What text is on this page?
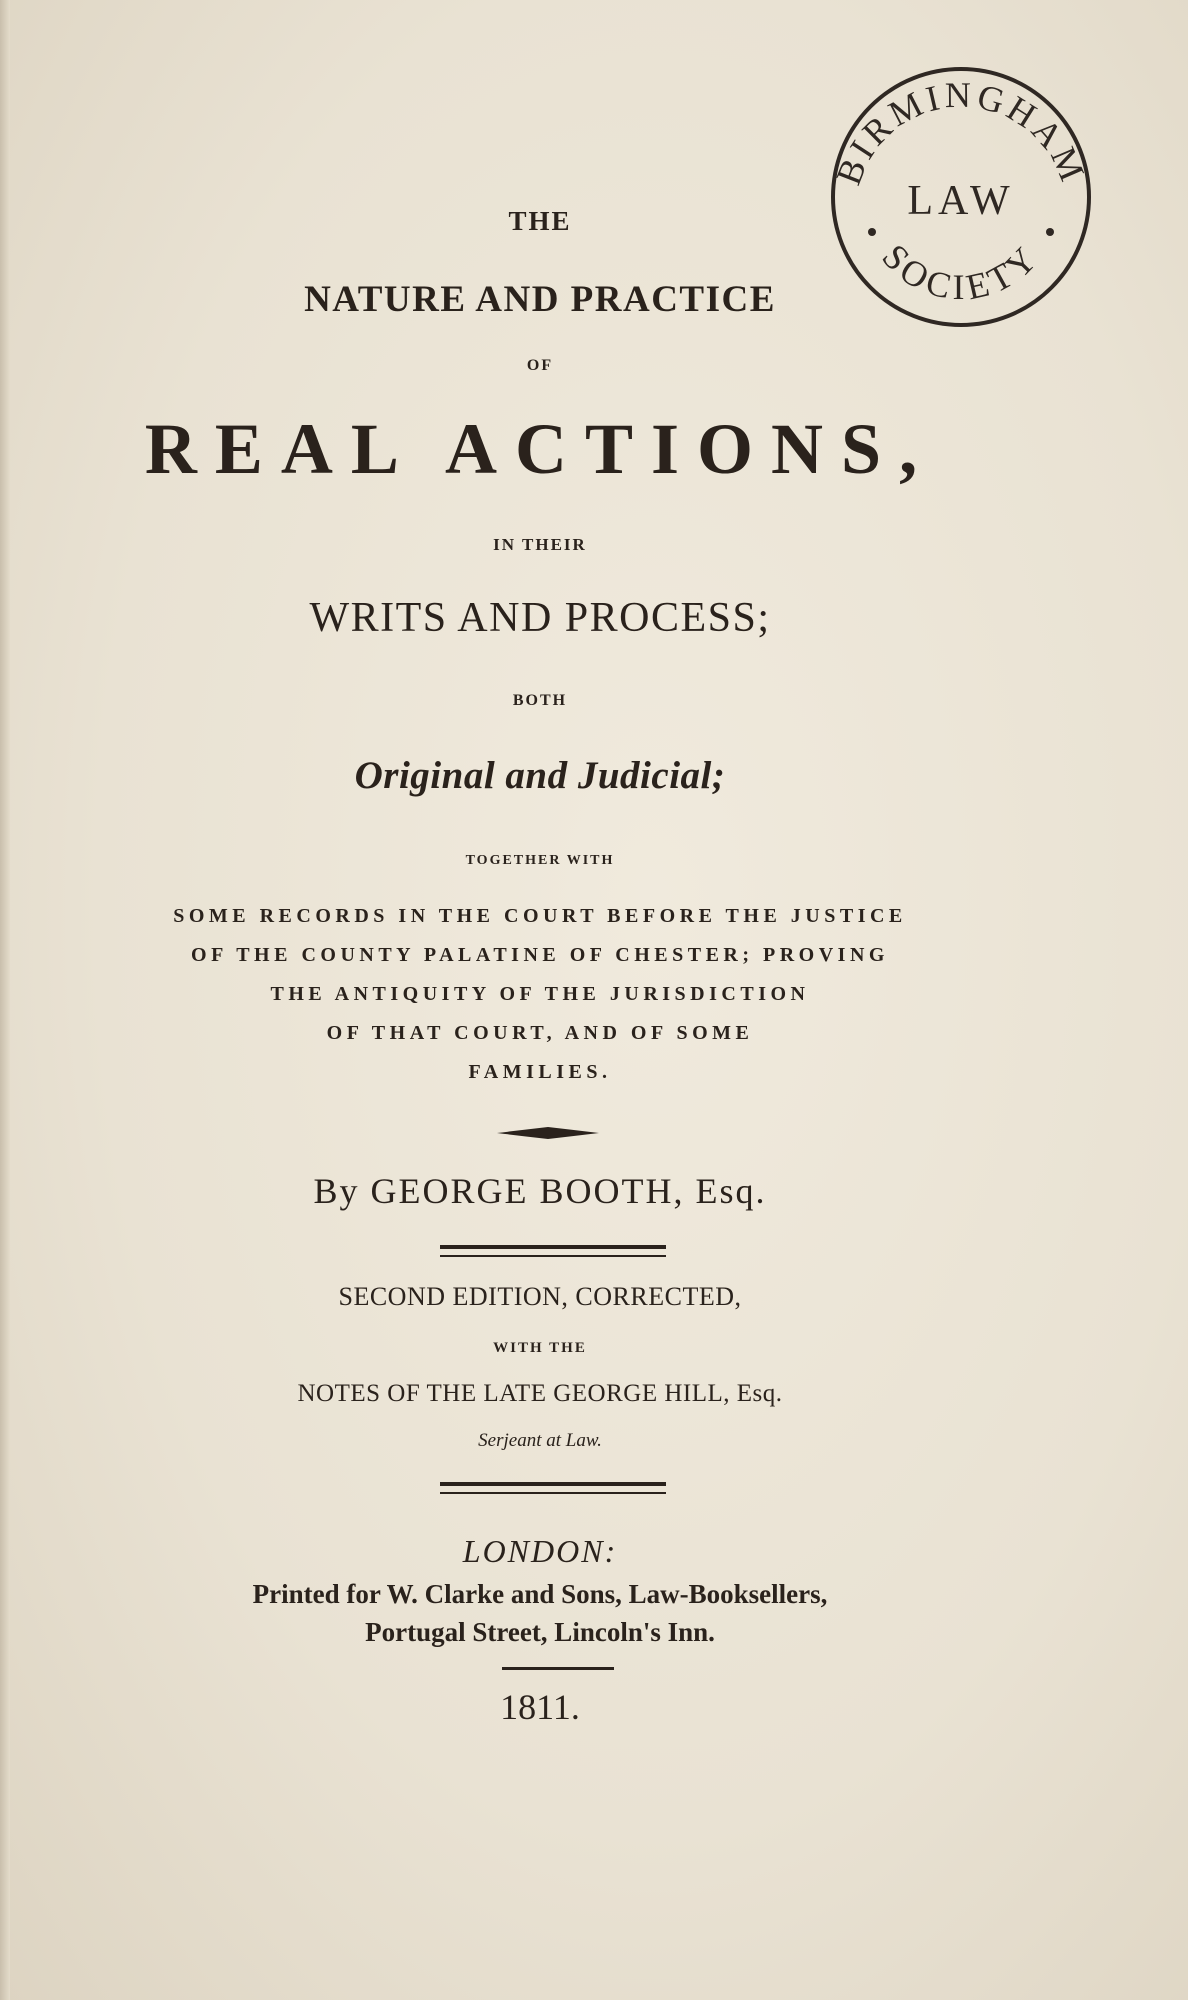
THE
NATURE AND PRACTICE
OF
REAL ACTIONS,
IN THEIR
WRITS AND PROCESS;
BOTH
Original and Judicial;
TOGETHER WITH
SOME RECORDS IN THE COURT BEFORE THE JUSTICE
OF THE COUNTY PALATINE OF CHESTER; PROVING
THE ANTIQUITY OF THE JURISDICTION
OF THAT COURT, AND OF SOME
FAMILIES.
By GEORGE BOOTH, Esq.
SECOND EDITION, CORRECTED,
WITH THE
NOTES OF THE LATE GEORGE HILL, Esq.
Serjeant at Law.
LONDON:
Printed for W. Clarke and Sons, Law-Booksellers,
Portugal Street, Lincoln's Inn.
1811.
BIRMINGHAM
LAW
SOCIETY
